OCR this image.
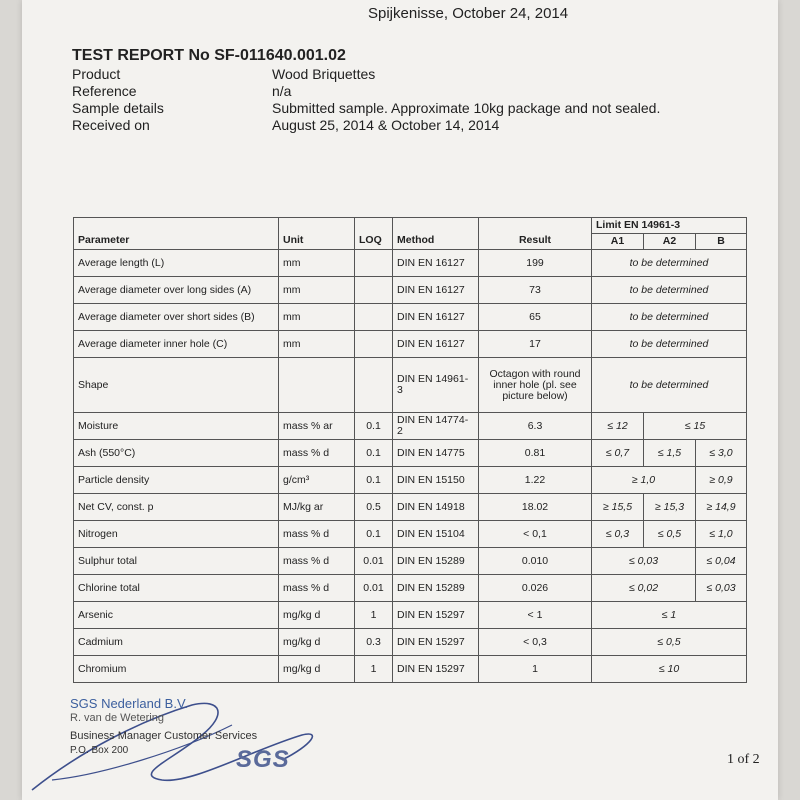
Spijkenisse, October 24, 2014
TEST REPORT No SF-011640.001.02
Product	Wood Briquettes
Reference	n/a
Sample details	Submitted sample. Approximate 10kg package and not sealed.
Received on	August 25, 2014 & October 14, 2014
Parameter	Unit	LOQ	Method	Result	Limit EN 14961-3		
					A1	A2	B
Average length (L)	mm		DIN EN 16127	199	to be determined		
Average diameter over long sides (A)	mm		DIN EN 16127	73	to be determined		
Average diameter over short sides (B)	mm		DIN EN 16127	65	to be determined		
Average diameter inner hole (C)	mm		DIN EN 16127	17	to be determined		
Shape			DIN EN 14961-3	Octagon with round inner hole (pl. see picture below)	to be determined		
Moisture	mass % ar	0.1	DIN EN 14774-2	6.3	≤ 12	≤ 15	
Ash (550°C)	mass % d	0.1	DIN EN 14775	0.81	≤ 0,7	≤ 1,5	≤ 3,0
Particle density	g/cm³	0.1	DIN EN 15150	1.22	≥ 1,0		≥ 0,9
Net CV, const. p	MJ/kg ar	0.5	DIN EN 14918	18.02	≥ 15,5	≥ 15,3	≥ 14,9
Nitrogen	mass % d	0.1	DIN EN 15104	< 0,1	≤ 0,3	≤ 0,5	≤ 1,0
Sulphur total	mass % d	0.01	DIN EN 15289	0.010	≤ 0,03		≤ 0,04
Chlorine total	mass % d	0.01	DIN EN 15289	0.026	≤ 0,02		≤ 0,03
Arsenic	mg/kg d	1	DIN EN 15297	< 1	≤ 1		
Cadmium	mg/kg d	0.3	DIN EN 15297	< 0,3	≤ 0,5		
Chromium	mg/kg d	1	DIN EN 15297	1	≤ 10		
SGS Nederland B.V.
R. van de Wetering
Business Manager Customer Services
P.O. Box 200	SGS	1 of 2
